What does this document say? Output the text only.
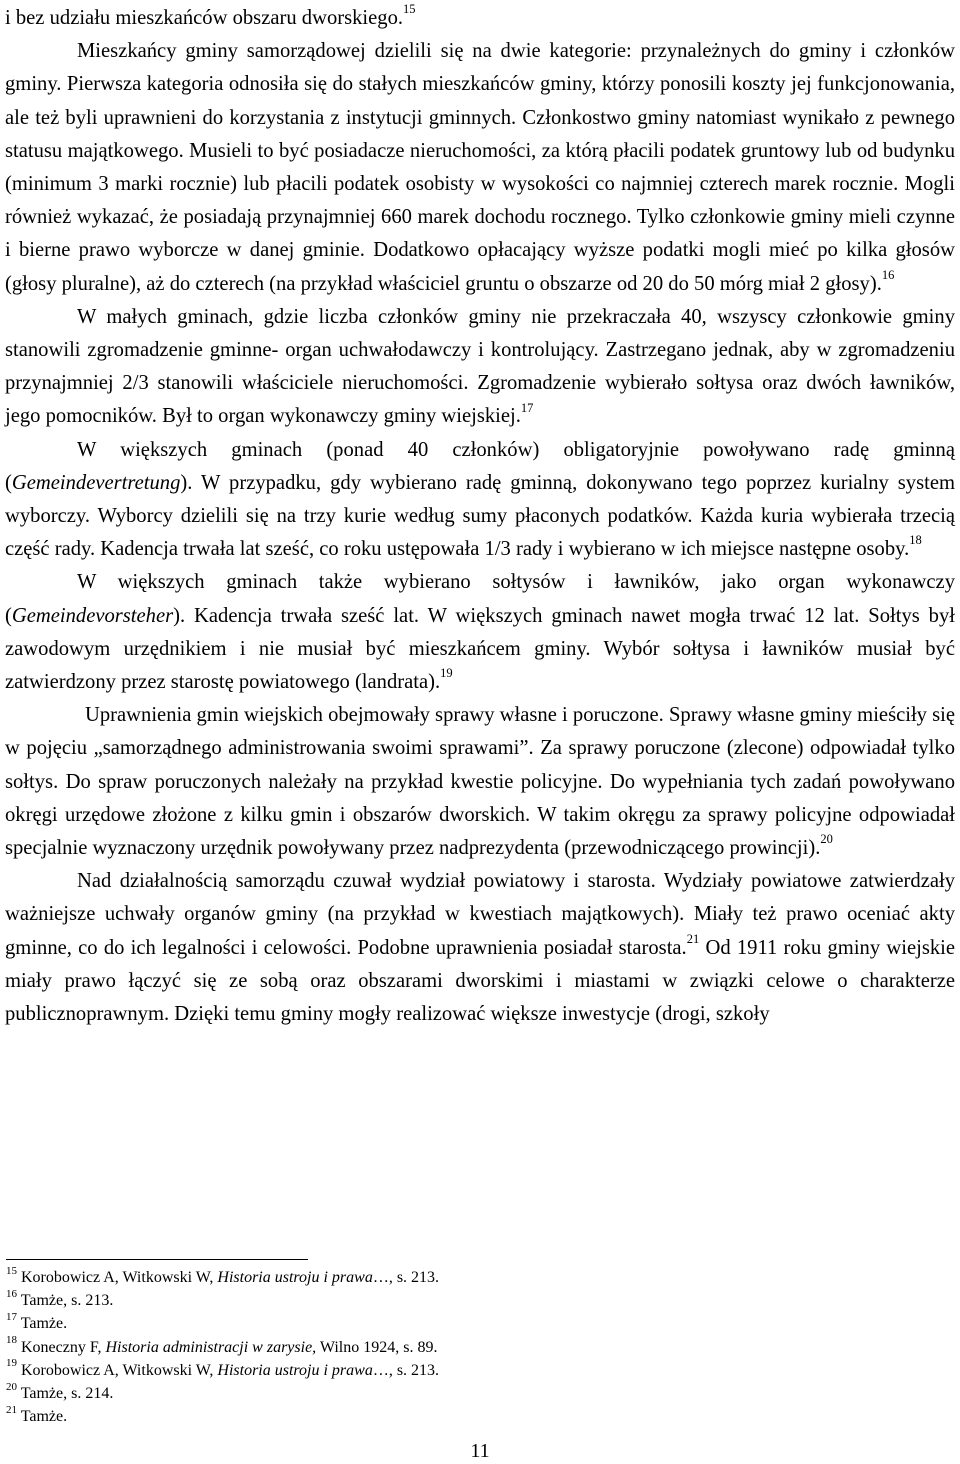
i bez udziału mieszkańców obszaru dworskiego.$^{15}$

Mieszkańcy gminy samorządowej dzielili się na dwie kategorie: przynależnych do gminy i członków gminy. Pierwsza kategoria odnosiła się do stałych mieszkańców gminy, którzy ponosili koszty jej funkcjonowania, ale też byli uprawnieni do korzystania z instytucji gminnych. Członkostwo gminy natomiast wynikało z pewnego statusu majątkowego. Musieli to być posiadacze nieruchomości, za którą płacili podatek gruntowy lub od budynku (minimum 3 marki rocznie) lub płacili podatek osobisty w wysokości co najmniej czterech marek rocznie. Mogli również wykazać, że posiadają przynajmniej 660 marek dochodu rocznego. Tylko członkowie gminy mieli czynne i bierne prawo wyborcze w danej gminie. Dodatkowo opłacający wyższe podatki mogli mieć po kilka głosów (głosy pluralne), aż do czterech (na przykład właściciel gruntu o obszarze od 20 do 50 mórg miał 2 głosy).$^{16}$

W małych gminach, gdzie liczba członków gminy nie przekraczała 40, wszyscy członkowie gminy stanowili zgromadzenie gminne- organ uchwałodawczy i kontrolujący. Zastrzegano jednak, aby w zgromadzeniu przynajmniej 2/3 stanowili właściciele nieruchomości. Zgromadzenie wybierało sołtysa oraz dwóch ławników, jego pomocników. Był to organ wykonawczy gminy wiejskiej.$^{17}$

W większych gminach (ponad 40 członków) obligatoryjnie powoływano radę gminną (Gemeindevertretung). W przypadku, gdy wybierano radę gminną, dokonywano tego poprzez kurialny system wyborczy. Wyborcy dzielili się na trzy kurie według sumy płaconych podatków. Każda kuria wybierała trzecią część rady. Kadencja trwała lat sześć, co roku ustępowała 1/3 rady i wybierano w ich miejsce następne osoby.$^{18}$

W większych gminach także wybierano sołtysów i ławników, jako organ wykonawczy (Gemeindevorsteher). Kadencja trwała sześć lat. W większych gminach nawet mogła trwać 12 lat. Sołtys był zawodowym urzędnikiem i nie musiał być mieszkańcem gminy. Wybór sołtysa i ławników musiał być zatwierdzony przez starostę powiatowego (landrata).$^{19}$

Uprawnienia gmin wiejskich obejmowały sprawy własne i poruczone. Sprawy własne gminy mieściły się w pojęciu „samorządnego administrowania swoimi sprawami”. Za sprawy poruczone (zlecone) odpowiadał tylko sołtys. Do spraw poruczonych należały na przykład kwestie policyjne. Do wypełniania tych zadań powoływano okręgi urzędowe złożone z kilku gmin i obszarów dworskich. W takim okręgu za sprawy policyjne odpowiadał specjalnie wyznaczony urzędnik powoływany przez nadprezydenta (przewodniczącego prowincji).$^{20}$

Nad działalnością samorządu czuwał wydział powiatowy i starosta. Wydziały powiatowe zatwierdzały ważniejsze uchwały organów gminy (na przykład w kwestiach majątkowych). Miały też prawo oceniać akty gminne, co do ich legalności i celowości. Podobne uprawnienia posiadał starosta.$^{21}$ Od 1911 roku gminy wiejskie miały prawo łączyć się ze sobą oraz obszarami dworskimi i miastami w związki celowe o charakterze publicznoprawnym. Dzięki temu gminy mogły realizować większe inwestycje (drogi, szkoły

$^{15}$ Korobowicz A, Witkowski W, Historia ustroju i prawa…, s. 213.

$^{16}$ Tamże, s. 213.

$^{17}$ Tamże.

$^{18}$ Koneczny F, Historia administracji w zarysie, Wilno 1924, s. 89.

$^{19}$ Korobowicz A, Witkowski W, Historia ustroju i prawa…, s. 213.

$^{20}$ Tamże, s. 214.

$^{21}$ Tamże.

11
